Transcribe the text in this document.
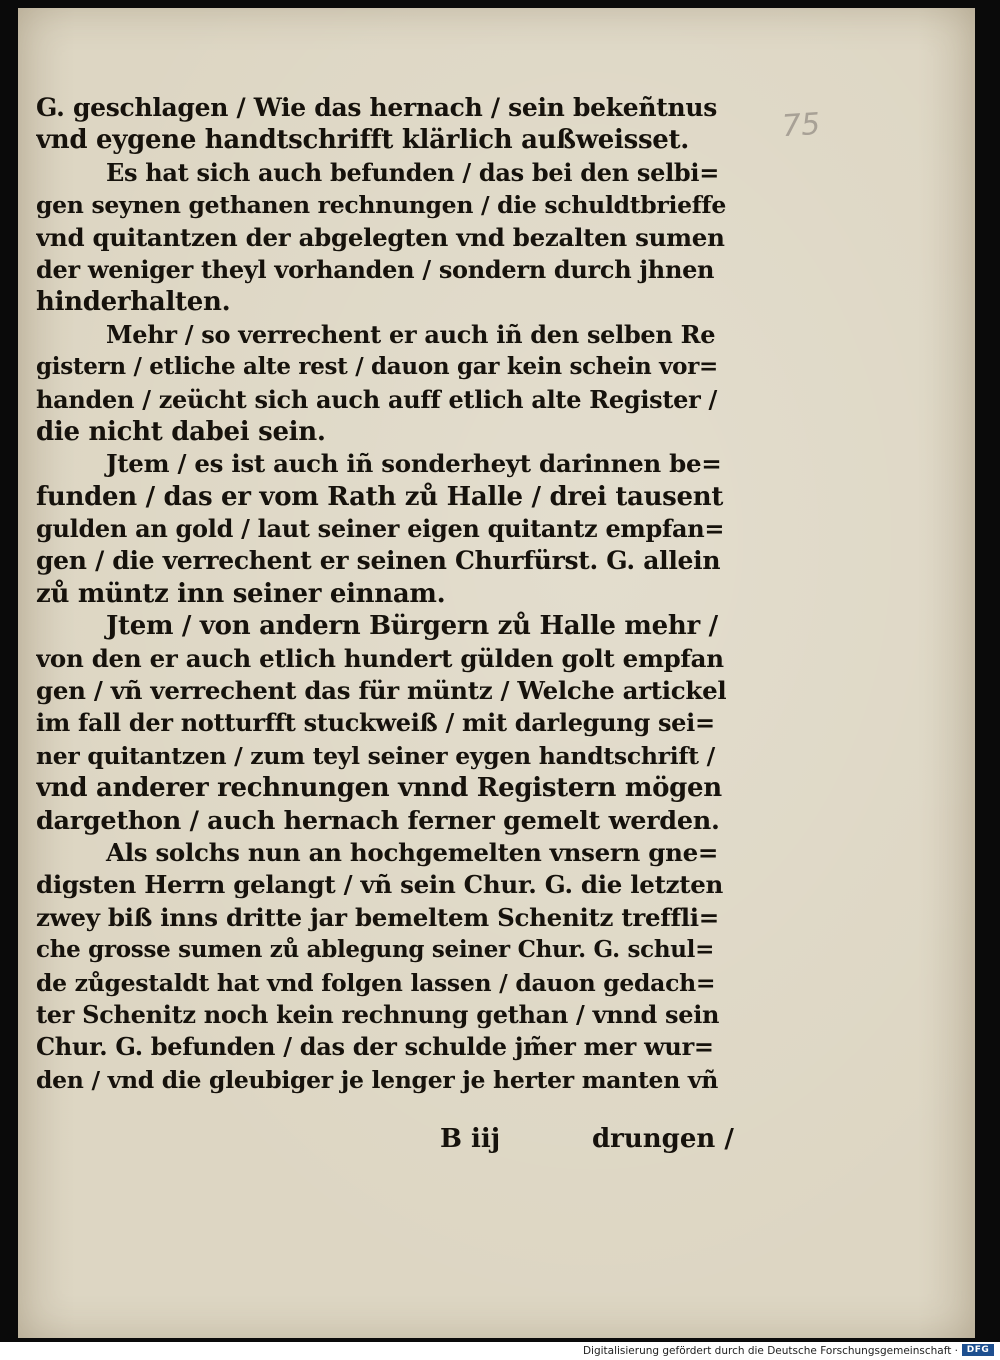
75
G. geschlagen / Wie das hernach / sein bekeñtnus
vnd eygene handtschrifft klärlich außweisset.
Es hat sich auch befunden / das bei den selbi=
gen seynen gethanen rechnungen / die schuldtbrieffe
vnd quitantzen der abgelegten vnd bezalten sumen
der weniger theyl vorhanden / sondern durch jhnen
hinderhalten.
Mehr / so verrechent er auch iñ den selben Re
gistern / etliche alte rest / dauon gar kein schein vor=
handen / zeücht sich auch auff etlich alte Register /
die nicht dabei sein.
Jtem / es ist auch iñ sonderheyt darinnen be=
funden / das er vom Rath zů Halle / drei tausent
gulden an gold / laut seiner eigen quitantz empfan=
gen / die verrechent er seinen Churfürst. G. allein
zů müntz inn seiner einnam.
Jtem / von andern Bürgern zů Halle mehr /
von den er auch etlich hundert gülden golt empfan
gen / vñ verrechent das für müntz / Welche artickel
im fall der notturfft stuckweiß / mit darlegung sei=
ner quitantzen / zum teyl seiner eygen handtschrift /
vnd anderer rechnungen vnnd Registern mögen
dargethon / auch hernach ferner gemelt werden.
Als solchs nun an hochgemelten vnsern gne=
digsten Herrn gelangt / vñ sein Chur. G. die letzten
zwey biß inns dritte jar bemeltem Schenitz treffli=
che grosse sumen zů ablegung seiner Chur. G. schul=
de zůgestaldt hat vnd folgen lassen / dauon gedach=
ter Schenitz noch kein rechnung gethan / vnnd sein
Chur. G. befunden / das der schulde jm̃er mer wur=
den / vnd die gleubiger je lenger je herter manten vñ
B iij	drungen /
Digitalisierung gefördert durch die Deutsche Forschungsgemeinschaft · DFG
